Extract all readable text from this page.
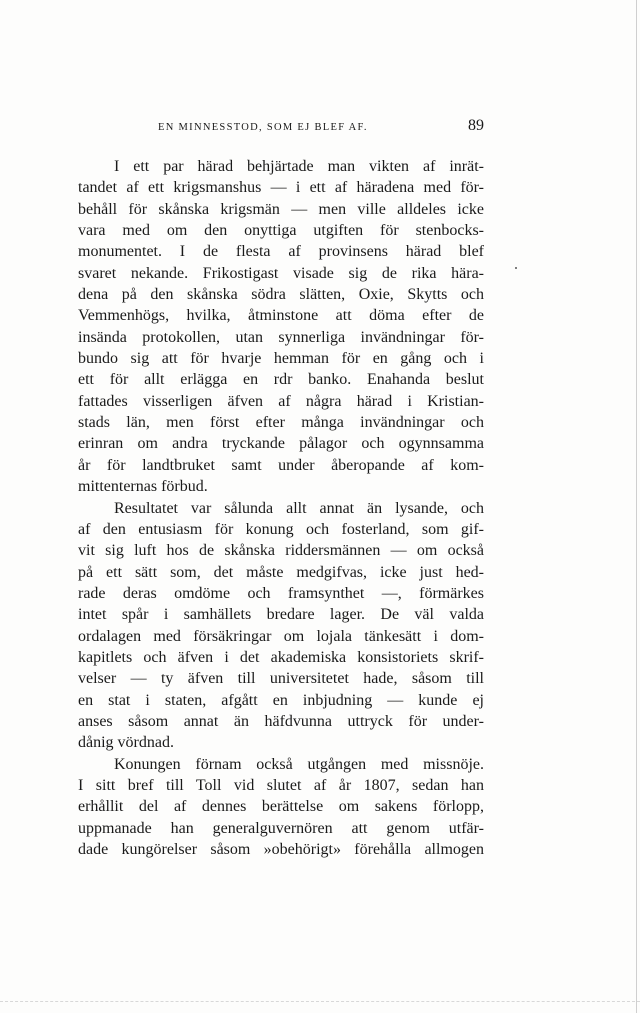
EN MINNESSTOD, SOM EJ BLEF AF.	89
I ett par härad behjärtade man vikten af inrät-
tandet af ett krigsmanshus — i ett af häradena med för-
behåll för skånska krigsmän — men ville alldeles icke
vara med om den onyttiga utgiften för stenbocks-
monumentet. I de flesta af provinsens härad blef
svaret nekande. Frikostigast visade sig de rika härа-
dena på den skånska södra slätten, Oxie, Skytts och
Vemmenhögs, hvilka, åtminstone att döma efter de
insända protokollen, utan synnerliga invändningar för-
bundo sig att för hvarje hemman för en gång och i
ett för allt erlägga en rdr banko. Enahanda beslut
fattades visserligen äfven af några härad i Kristian-
stads län, men först efter många invändningar och
erinran om andra tryckande pålagor och ogynnsamma
år för landtbruket samt under åberopande af kom-
mittenternas förbud.
Resultatet var sålunda allt annat än lysande, och
af den entusiasm för konung och fosterland, som gif-
vit sig luft hos de skånska riddersmännen — om också
på ett sätt som, det måste medgifvas, icke just hed-
rade deras omdöme och framsynthet —, förmärkes
intet spår i samhällets bredare lager. De väl valda
ordalagen med försäkringar om lojala tänkesätt i dom-
kapitlets och äfven i det akademiska konsistoriets skrif-
velser — ty äfven till universitetet hade, såsom till
en stat i staten, afgått en inbjudning — kunde ej
anses såsom annat än häfdvunna uttryck för under-
dånig vördnad.
Konungen förnam också utgången med missnöje.
I sitt bref till Toll vid slutet af år 1807, sedan han
erhållit del af dennes berättelse om sakens förlopp,
uppmanade han generalguvernören att genom utfär-
dade kungörelser såsom »obehörigt» förehålla allmogen
